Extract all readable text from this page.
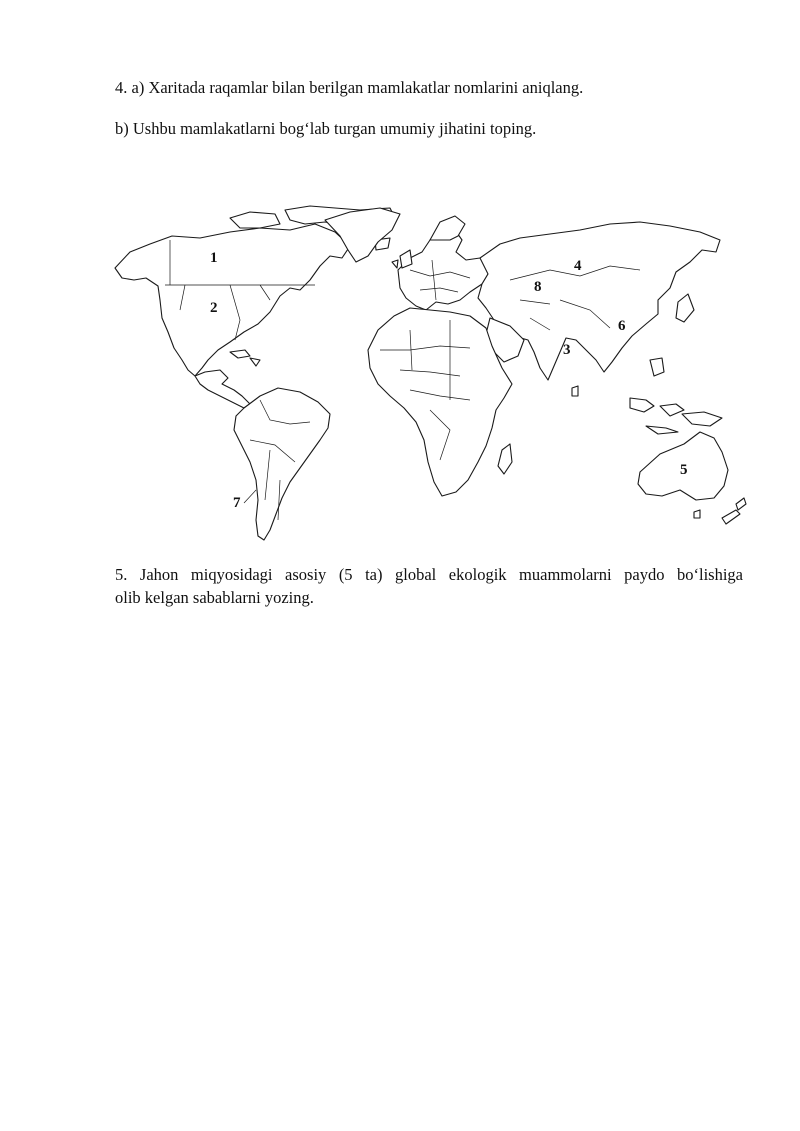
4. a) Xaritada raqamlar bilan berilgan mamlakatlar nomlarini aniqlang.
b) Ushbu mamlakatlarni bog‘lab turgan umumiy jihatini toping.
1
2
3
4
5
6
7
8
5. Jahon miqyosidagi asosiy (5 ta) global ekologik muammolarni paydo bo‘lishiga
olib kelgan sabablarni yozing.
